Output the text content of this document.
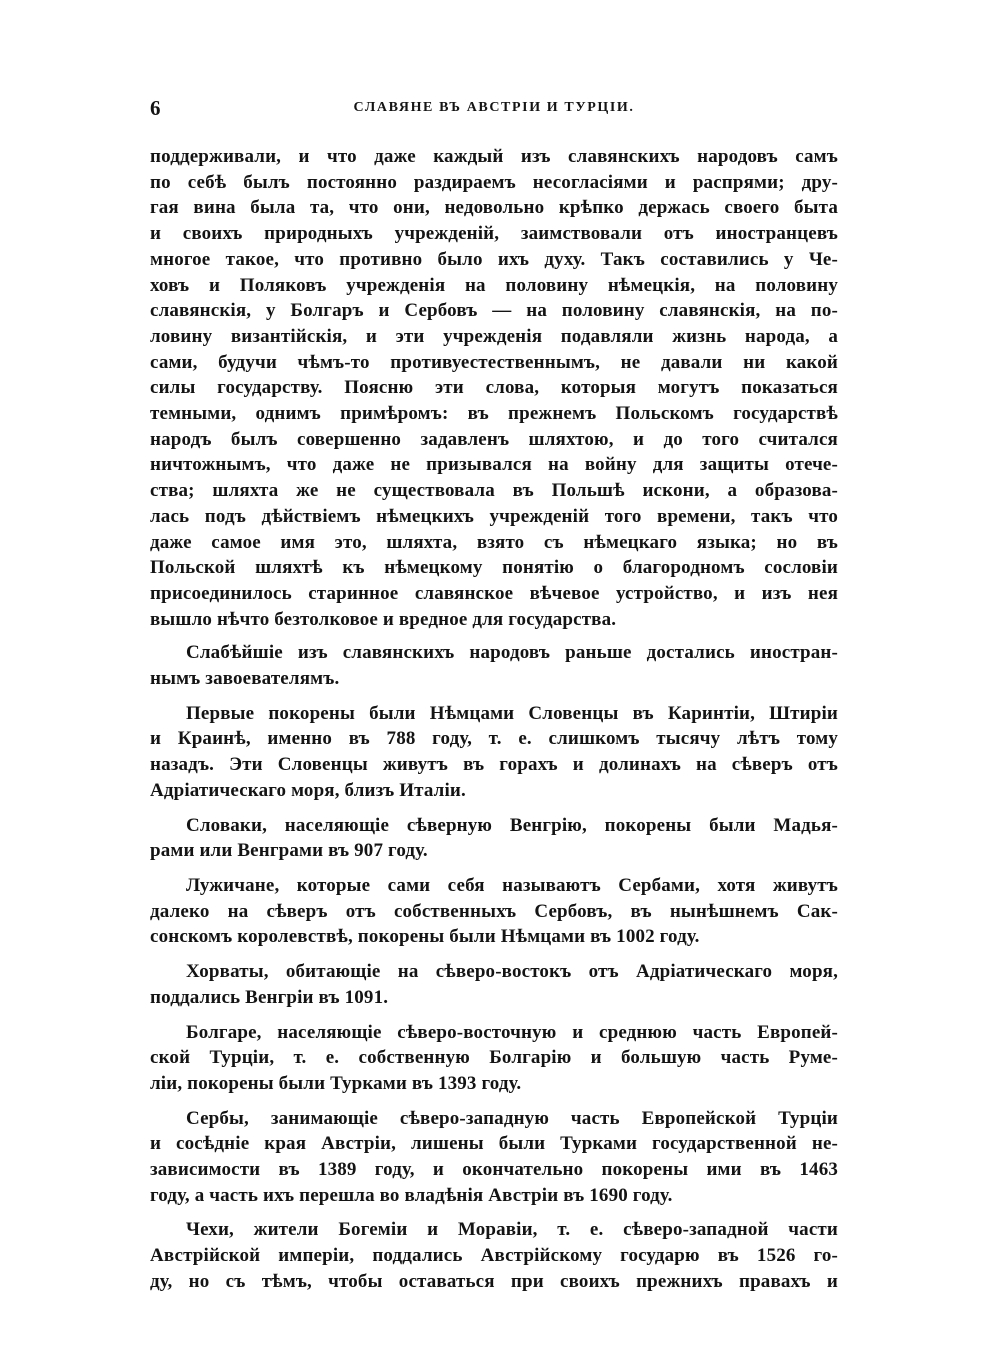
6	СЛАВЯНЕ ВЪ АВСТРІИ И ТУРЦІИ.
поддерживали, и что даже каждый изъ славянскихъ народовъ самъ
по себѣ былъ постоянно раздираемъ несогласіями и распрями; дру-
гая вина была та, что они, недовольно крѣпко держась своего быта
и своихъ природныхъ учрежденій, заимствовали отъ иностранцевъ
многое такое, что противно было ихъ духу. Такъ составились у Че-
ховъ и Поляковъ учрежденія на половину нѣмецкія, на половину
славянскія, у Болгаръ и Сербовъ — на половину славянскія, на по-
ловину византійскія, и эти учрежденія подавляли жизнь народа, а
сами, будучи чѣмъ-то противуестественнымъ, не давали ни какой
силы государству. Поясню эти слова, которыя могутъ показаться
темными, однимъ примѣромъ: въ прежнемъ Польскомъ государствѣ
народъ былъ совершенно задавленъ шляхтою, и до того считался
ничтожнымъ, что даже не призывался на войну для защиты отече-
ства; шляхта же не существовала въ Польшѣ искони, а образова-
лась подъ дѣйствіемъ нѣмецкихъ учрежденій того времени, такъ что
даже самое имя это, шляхта, взято съ нѣмецкаго языка; но въ
Польской шляхтѣ къ нѣмецкому понятію о благородномъ сословіи
присоединилось старинное славянское вѣчевое устройство, и изъ нея
вышло нѣчто безтолковое и вредное для государства.
Слабѣйшіе изъ славянскихъ народовъ раньше достались иностран-
нымъ завоевателямъ.
Первые покорены были Нѣмцами Словенцы въ Каринтіи, Штиріи
и Краинѣ, именно въ 788 году, т. е. слишкомъ тысячу лѣтъ тому
назадъ. Эти Словенцы живутъ въ горахъ и долинахъ на сѣверъ отъ
Адріатическаго моря, близъ Италіи.
Словаки, населяющіе сѣверную Венгрію, покорены были Мадья-
рами или Венграми въ 907 году.
Лужичане, которые сами себя называютъ Сербами, хотя живутъ
далеко на сѣверъ отъ собственныхъ Сербовъ, въ нынѣшнемъ Сак-
сонскомъ королевствѣ, покорены были Нѣмцами въ 1002 году.
Хорваты, обитающіе на сѣверо-востокъ отъ Адріатическаго моря,
поддались Венгріи въ 1091.
Болгаре, населяющіе сѣверо-восточную и среднюю часть Европей-
ской Турціи, т. е. собственную Болгарію и большую часть Руме-
ліи, покорены были Турками въ 1393 году.
Сербы, занимающіе сѣверо-западную часть Европейской Турціи
и сосѣдніе края Австріи, лишены были Турками государственной не-
зависимости въ 1389 году, и окончательно покорены ими въ 1463
году, а часть ихъ перешла во владѣнія Австріи въ 1690 году.
Чехи, жители Богеміи и Моравіи, т. е. сѣверо-западной части
Австрійской имперіи, поддались Австрійскому государю въ 1526 го-
ду, но съ тѣмъ, чтобы оставаться при своихъ прежнихъ правахъ и
